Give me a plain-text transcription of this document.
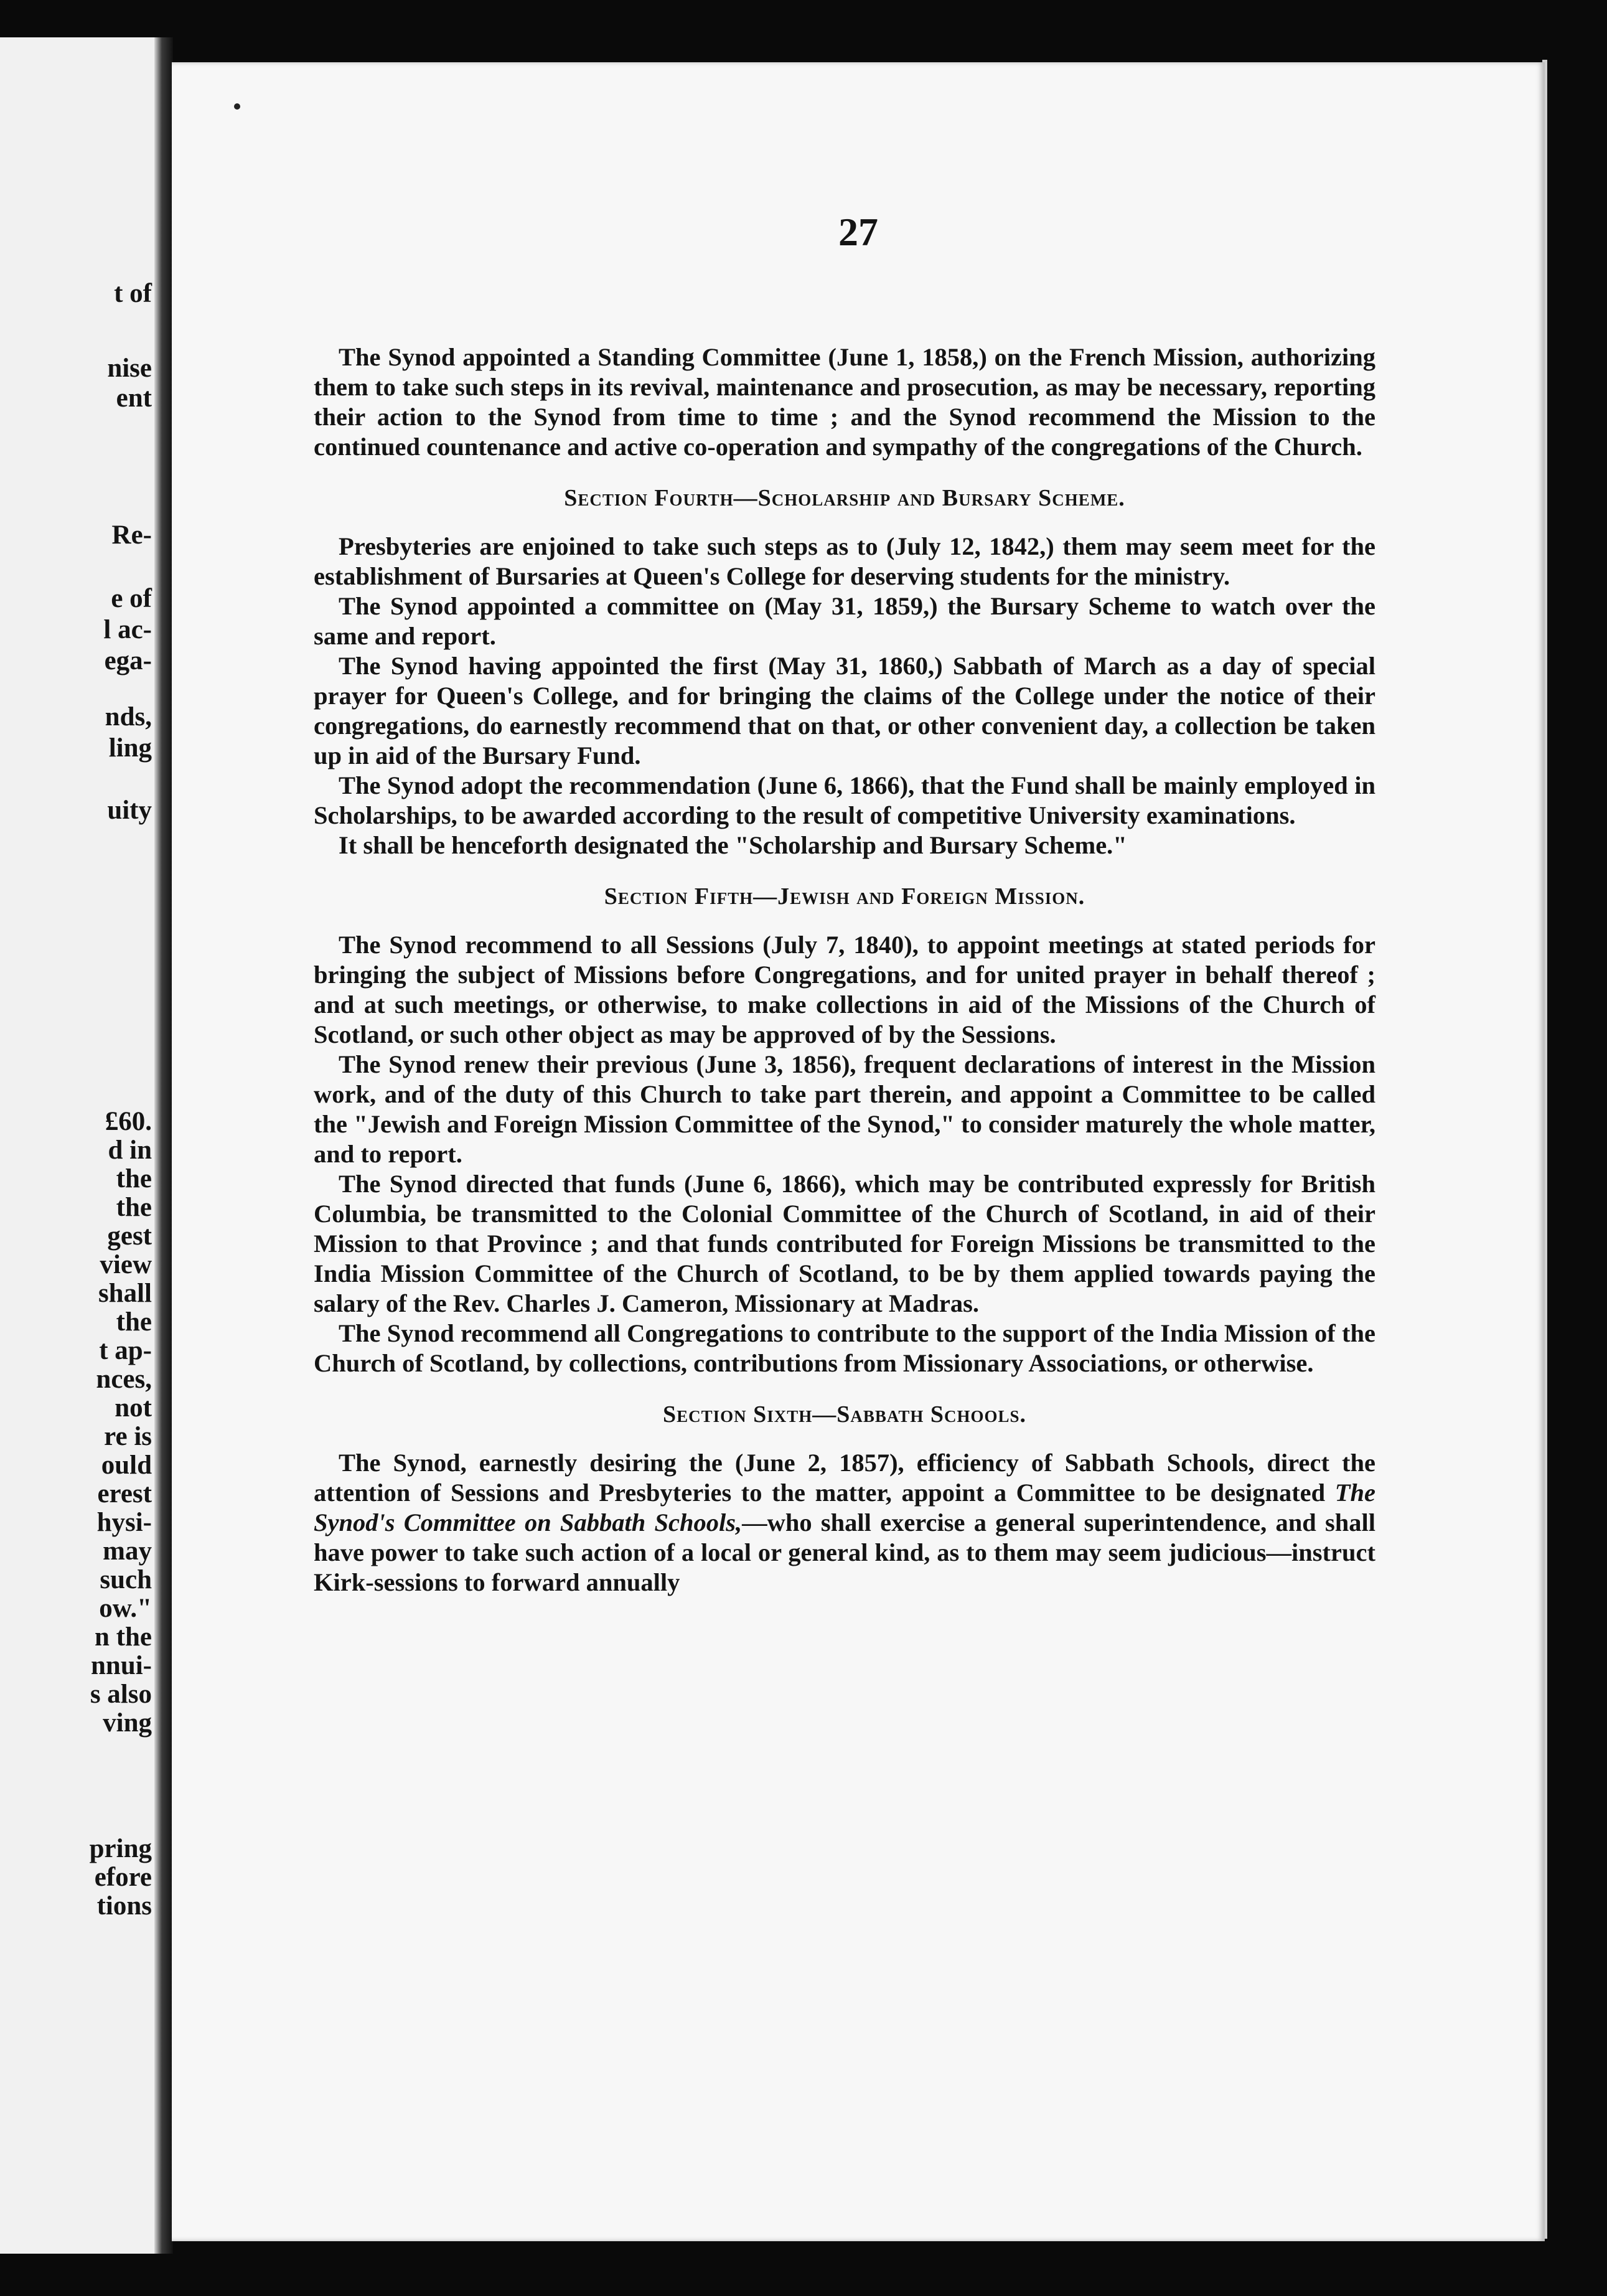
t of
nise
ent
Re-
e of
l ac-
ega-
nds,
ling
uity
£60.
d in
the
the
gest
view
shall
the
t ap-
nces,
not
re is
ould
erest
hysi-
may
such
ow."
n the
nnui-
s also
ving
pring
efore
tions
27

The Synod appointed a Standing Committee (June 1, 1858,) on the French Mission, authorizing them to take such steps in its revival, maintenance and prosecution, as may be necessary, reporting their action to the Synod from time to time ; and the Synod recommend the Mission to the continued countenance and active co-operation and sympathy of the congregations of the Church.

Section Fourth—Scholarship and Bursary Scheme.

Presbyteries are enjoined to take such steps as to (July 12, 1842,) them may seem meet for the establishment of Bursaries at Queen's College for deserving students for the ministry.

The Synod appointed a committee on (May 31, 1859,) the Bursary Scheme to watch over the same and report.

The Synod having appointed the first (May 31, 1860,) Sabbath of March as a day of special prayer for Queen's College, and for bringing the claims of the College under the notice of their congregations, do earnestly recommend that on that, or other convenient day, a collection be taken up in aid of the Bursary Fund.

The Synod adopt the recommendation (June 6, 1866), that the Fund shall be mainly employed in Scholarships, to be awarded according to the result of competitive University examinations.

It shall be henceforth designated the "Scholarship and Bursary Scheme."

Section Fifth—Jewish and Foreign Mission.

The Synod recommend to all Sessions (July 7, 1840), to appoint meetings at stated periods for bringing the subject of Missions before Congregations, and for united prayer in behalf thereof ; and at such meetings, or otherwise, to make collections in aid of the Missions of the Church of Scotland, or such other object as may be approved of by the Sessions.

The Synod renew their previous (June 3, 1856), frequent declarations of interest in the Mission work, and of the duty of this Church to take part therein, and appoint a Committee to be called the "Jewish and Foreign Mission Committee of the Synod," to consider maturely the whole matter, and to report.

The Synod directed that funds (June 6, 1866), which may be contributed expressly for British Columbia, be transmitted to the Colonial Committee of the Church of Scotland, in aid of their Mission to that Province ; and that funds contributed for Foreign Missions be transmitted to the India Mission Committee of the Church of Scotland, to be by them applied towards paying the salary of the Rev. Charles J. Cameron, Missionary at Madras.

The Synod recommend all Congregations to contribute to the support of the India Mission of the Church of Scotland, by collections, contributions from Missionary Associations, or otherwise.

Section Sixth—Sabbath Schools.

The Synod, earnestly desiring the (June 2, 1857), efficiency of Sabbath Schools, direct the attention of Sessions and Presbyteries to the matter, appoint a Committee to be designated The Synod's Committee on Sabbath Schools,—who shall exercise a general superintendence, and shall have power to take such action of a local or general kind, as to them may seem judicious—instruct Kirk-sessions to forward annually
